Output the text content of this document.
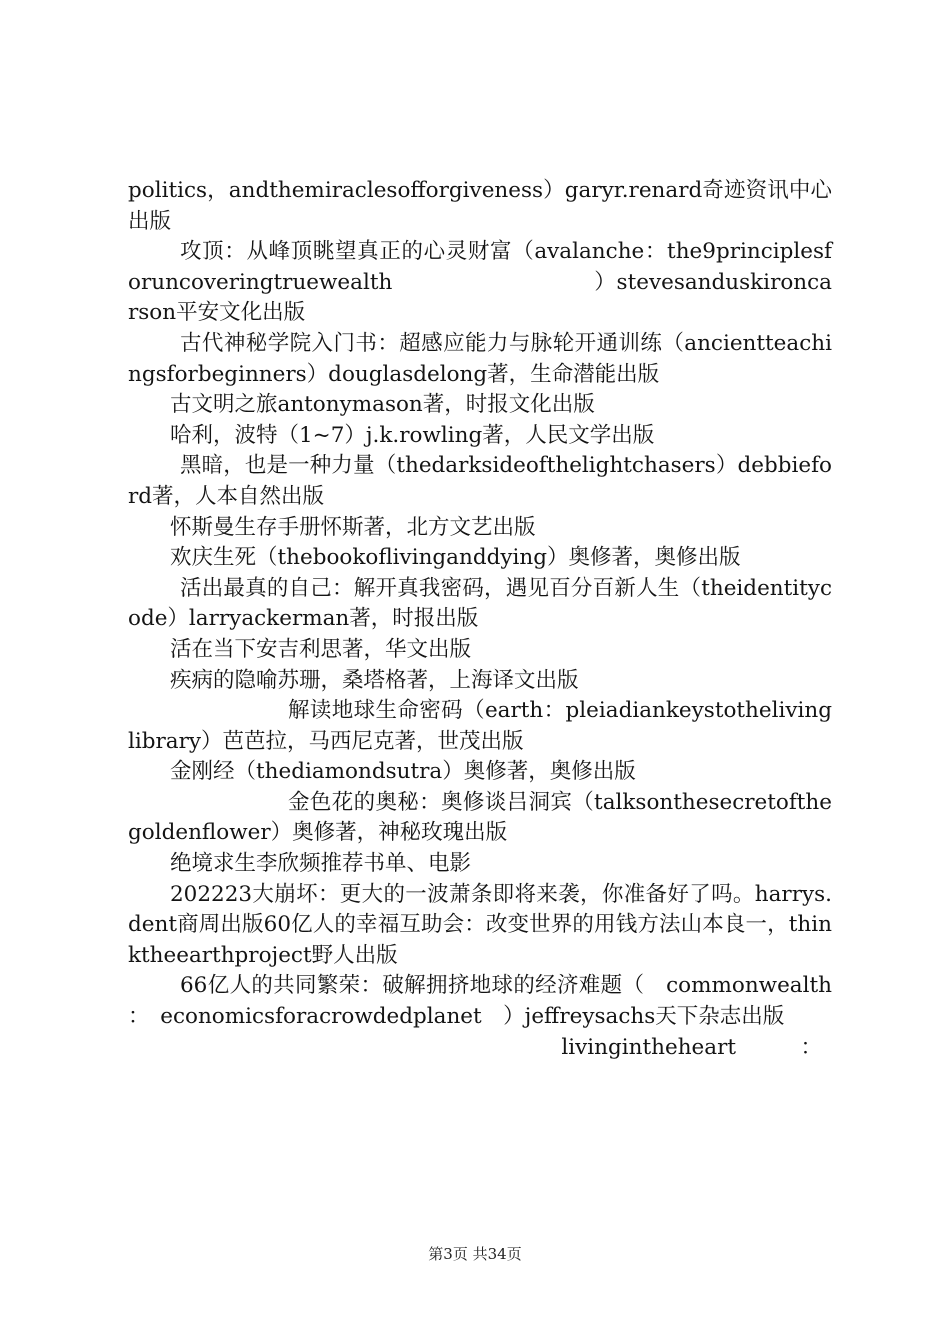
politics，andthemiraclesofforgiveness）garyr.renard奇迹资讯中心出版

攻顶：从峰顶眺望真正的心灵财富（avalanche：the9principlesforuncoveringtruewealth　　　　　　　　　）stevesanduskironcarson平安文化出版

古代神秘学院入门书：超感应能力与脉轮开通训练（ancientteachingsforbeginners）douglasdelong著，生命潜能出版

古文明之旅antonymason著，时报文化出版

哈利，波特（1~7）j.k.rowling著，人民文学出版

黑暗，也是一种力量（thedarksideofthelightchasers）debbieford著，人本自然出版

怀斯曼生存手册怀斯著，北方文艺出版

欢庆生死（thebookoflivinganddying）奥修著，奥修出版

活出最真的自己：解开真我密码，遇见百分百新人生（theidentitycode）larryackerman著，时报出版

活在当下安吉利思著，华文出版

疾病的隐喻苏珊，桑塔格著，上海译文出版

解读地球生命密码（earth：pleiadiankeystothelivinglibrary）芭芭拉，马西尼克著，世茂出版

金刚经（thediamondsutra）奥修著，奥修出版

金色花的奥秘：奥修谈吕洞宾（talksonthesecretofthegoldenflower）奥修著，神秘玫瑰出版

绝境求生李欣频推荐书单、电影

202223大崩坏：更大的一波萧条即将来袭，你准备好了吗。harrys.dent商周出版60亿人的幸福互助会：改变世界的用钱方法山本良一，thinktheearthproject野人出版

66亿人的共同繁荣：破解拥挤地球的经济难题（　commonwealth　：　economicsforacrowdedplanet　）jeffreysachs天下杂志出版

livingintheheart　　　：

第3页 共34页
